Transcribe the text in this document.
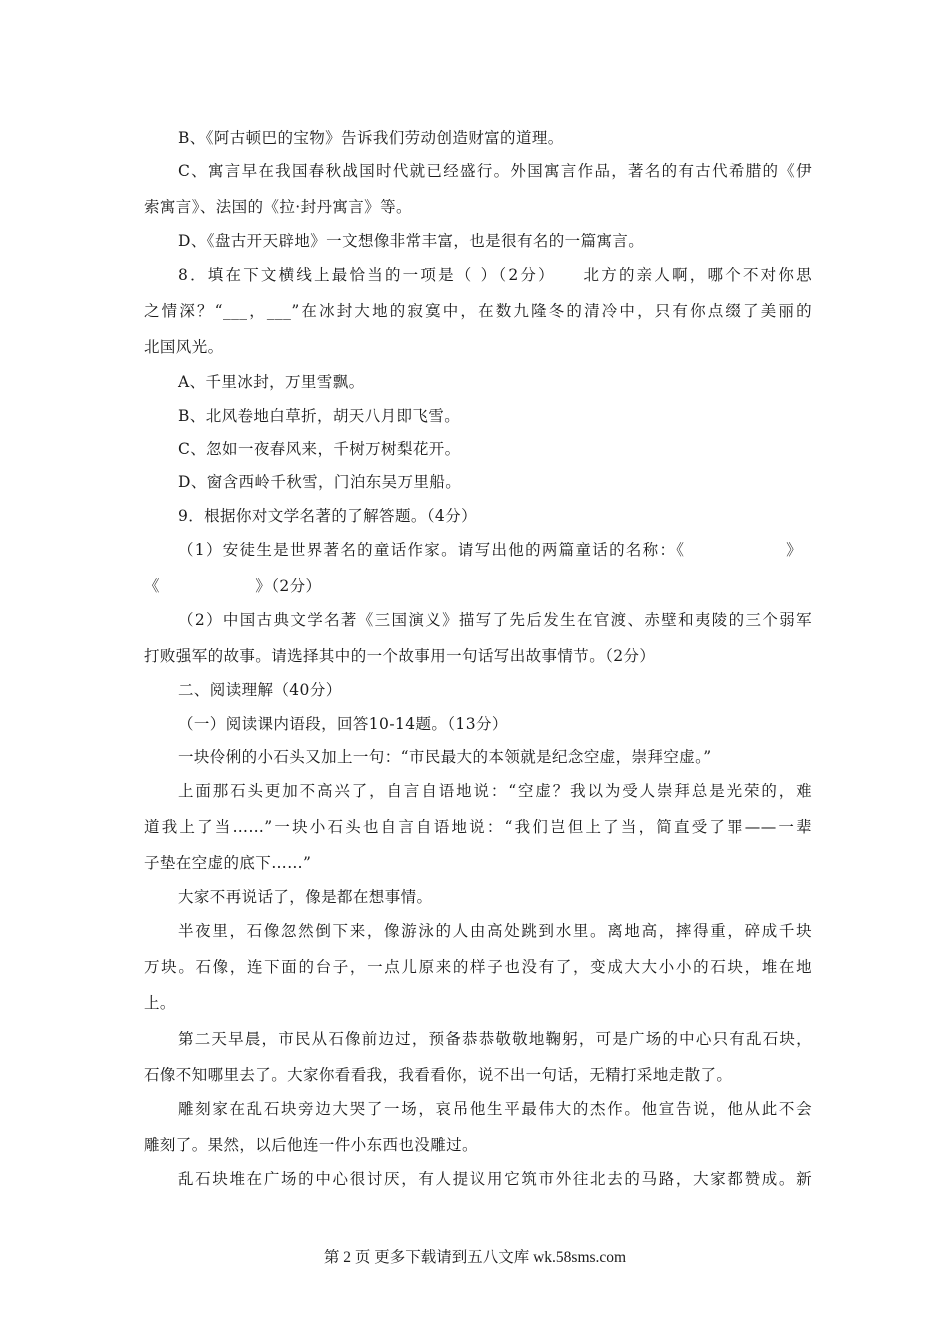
B、《阿古顿巴的宝物》告诉我们劳动创造财富的道理。
C、寓言早在我国春秋战国时代就已经盛行。外国寓言作品，著名的有古代希腊的《伊
索寓言》、法国的《拉·封丹寓言》等。
D、《盘古开天辟地》一文想像非常丰富，也是很有名的一篇寓言。
8．填在下文横线上最恰当的一项是（ ）（2分）　　北方的亲人啊，哪个不对你思
之情深？“___，___”在冰封大地的寂寞中，在数九隆冬的清冷中，只有你点缀了美丽的
北国风光。
A、千里冰封，万里雪飘。
B、北风卷地白草折，胡天八月即飞雪。
C、忽如一夜春风来，千树万树梨花开。
D、窗含西岭千秋雪，门泊东吴万里船。
9．根据你对文学名著的了解答题。（4分）
（1）安徒生是世界著名的童话作家。请写出他的两篇童话的名称：《　　　　　　》
《　　　　　　》（2分）
（2）中国古典文学名著《三国演义》描写了先后发生在官渡、赤壁和夷陵的三个弱军
打败强军的故事。请选择其中的一个故事用一句话写出故事情节。（2分）
二、阅读理解（40分）
（一）阅读课内语段，回答10-14题。（13分）
一块伶俐的小石头又加上一句：“市民最大的本领就是纪念空虚，崇拜空虚。”
上面那石头更加不高兴了，自言自语地说：“空虚？我以为受人崇拜总是光荣的，难
道我上了当……”一块小石头也自言自语地说：“我们岂但上了当，简直受了罪——一辈
子垫在空虚的底下……”
大家不再说话了，像是都在想事情。
半夜里，石像忽然倒下来，像游泳的人由高处跳到水里。离地高，摔得重，碎成千块
万块。石像，连下面的台子，一点儿原来的样子也没有了，变成大大小小的石块，堆在地
上。
第二天早晨，市民从石像前边过，预备恭恭敬敬地鞠躬，可是广场的中心只有乱石块，
石像不知哪里去了。大家你看看我，我看看你，说不出一句话，无精打采地走散了。
雕刻家在乱石块旁边大哭了一场，哀吊他生平最伟大的杰作。他宣告说，他从此不会
雕刻了。果然，以后他连一件小东西也没雕过。
乱石块堆在广场的中心很讨厌，有人提议用它筑市外往北去的马路，大家都赞成。新
第 2 页 更多下载请到五八文库 wk.58sms.com
